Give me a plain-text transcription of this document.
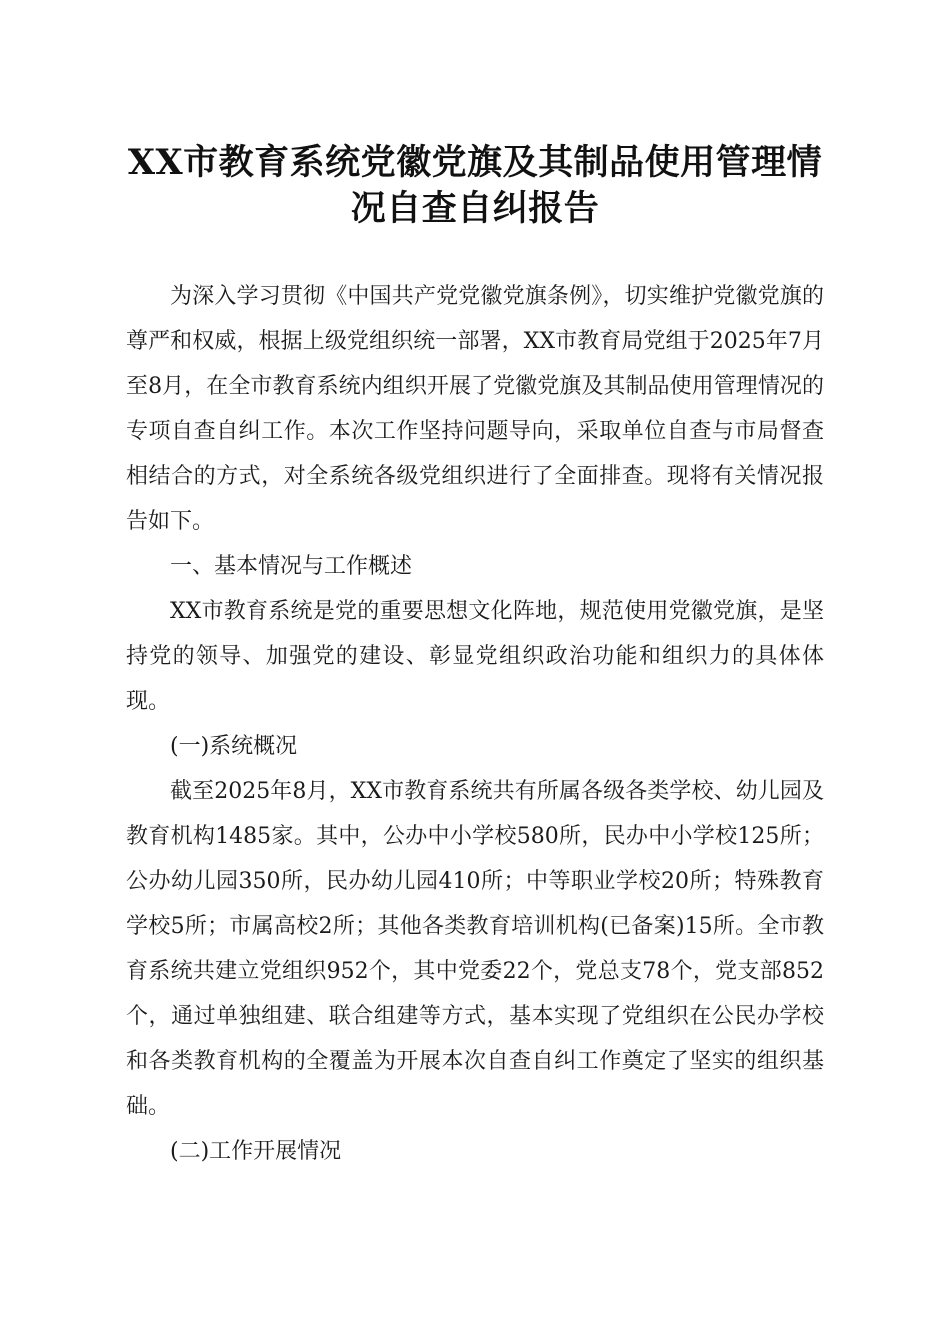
XX市教育系统党徽党旗及其制品使用管理情
况自查自纠报告

为深入学习贯彻《中国共产党党徽党旗条例》，切实维护党徽党旗的尊严和权威，根据上级党组织统一部署，XX市教育局党组于2025年7月至8月，在全市教育系统内组织开展了党徽党旗及其制品使用管理情况的专项自查自纠工作。本次工作坚持问题导向，采取单位自查与市局督查相结合的方式，对全系统各级党组织进行了全面排查。现将有关情况报告如下。

一、基本情况与工作概述

XX市教育系统是党的重要思想文化阵地，规范使用党徽党旗，是坚持党的领导、加强党的建设、彰显党组织政治功能和组织力的具体体现。

(一)系统概况

截至2025年8月，XX市教育系统共有所属各级各类学校、幼儿园及教育机构1485家。其中，公办中小学校580所，民办中小学校125所；公办幼儿园350所，民办幼儿园410所；中等职业学校20所；特殊教育学校5所；市属高校2所；其他各类教育培训机构(已备案)15所。全市教育系统共建立党组织952个，其中党委22个，党总支78个，党支部852个，通过单独组建、联合组建等方式，基本实现了党组织在公民办学校和各类教育机构的全覆盖为开展本次自查自纠工作奠定了坚实的组织基础。

(二)工作开展情况
